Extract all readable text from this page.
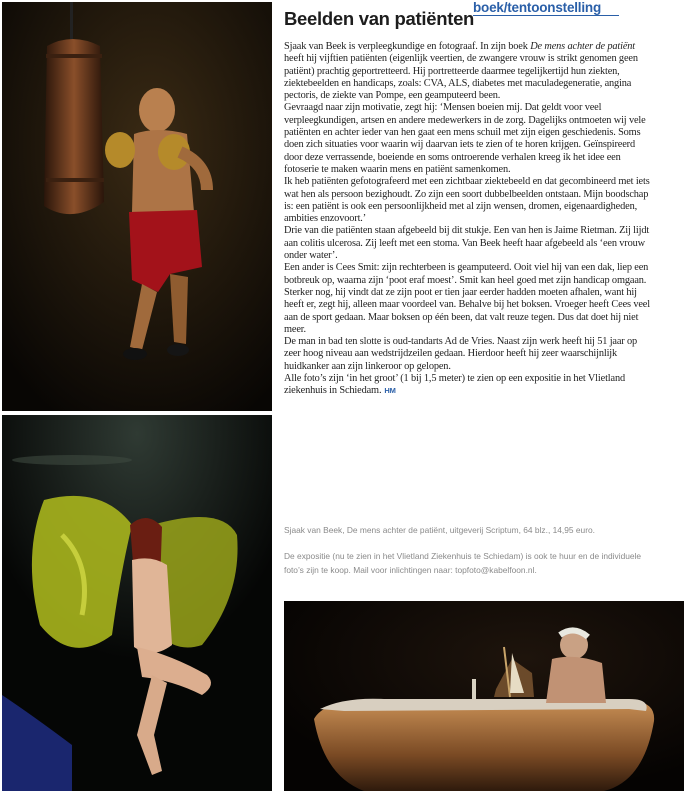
boek/tentoonstelling
Beelden van patiënten

Sjaak van Beek is verpleegkundige en fotograaf. In zijn boek De mens achter de patiënt heeft hij vijftien patiënten (eigenlijk veertien, de zwangere vrouw is strikt genomen geen patiënt) prachtig geportretteerd. Hij portretteerde daarmee tegelijkertijd hun ziekten, ziektebeelden en handicaps, zoals: CVA, ALS, diabetes met maculadegeneratie, angina pectoris, de ziekte van Pompe, een geamputeerd been.

Gevraagd naar zijn motivatie, zegt hij: ‘Mensen boeien mij. Dat geldt voor veel verpleegkundigen, artsen en andere medewerkers in de zorg. Dagelijks ontmoeten wij vele patiënten en achter ieder van hen gaat een mens schuil met zijn eigen geschiedenis. Soms doen zich situaties voor waarin wij daarvan iets te zien of te horen krijgen. Geïnspireerd door deze verrassende, boeiende en soms ontroerende verhalen kreeg ik het idee een fotoserie te maken waarin mens en patiënt samenkomen.

Ik heb patiënten gefotografeerd met een zichtbaar ziektebeeld en dat gecombineerd met iets wat hen als persoon bezighoudt. Zo zijn een soort dubbelbeelden ontstaan. Mijn boodschap is: een patiënt is ook een persoonlijkheid met al zijn wensen, dromen, eigenaardigheden, ambities enzovoort.’

Drie van die patiënten staan afgebeeld bij dit stukje. Een van hen is Jaime Rietman. Zij lijdt aan colitis ulcerosa. Zij leeft met een stoma. Van Beek heeft haar afgebeeld als ‘een vrouw onder water’.

Een ander is Cees Smit: zijn rechterbeen is geamputeerd. Ooit viel hij van een dak, liep een botbreuk op, waarna zijn ‘poot eraf moest’. Smit kan heel goed met zijn handicap omgaan. Sterker nog, hij vindt dat ze zijn poot er tien jaar eerder hadden moeten afhalen, want hij heeft er, zegt hij, alleen maar voordeel van. Behalve bij het boksen. Vroeger heeft Cees veel aan de sport gedaan. Maar boksen op één been, dat valt reuze tegen. Dus dat doet hij niet meer.

De man in bad ten slotte is oud-tandarts Ad de Vries. Naast zijn werk heeft hij 51 jaar op zeer hoog niveau aan wedstrijdzeilen gedaan. Hierdoor heeft hij zeer waarschijnlijk huidkanker aan zijn linkeroor op gelopen.

Alle foto’s zijn ‘in het groot’ (1 bij 1,5 meter) te zien op een expositie in het Vlietland ziekenhuis in Schiedam. HM

Sjaak van Beek, De mens achter de patiënt, uitgeverij Scriptum, 64 blz., 14,95 euro.
De expositie (nu te zien in het Vlietland Ziekenhuis te Schiedam) is ook te huur en de individuele foto’s zijn te koop. Mail voor inlichtingen naar: topfoto@kabelfoon.nl.
